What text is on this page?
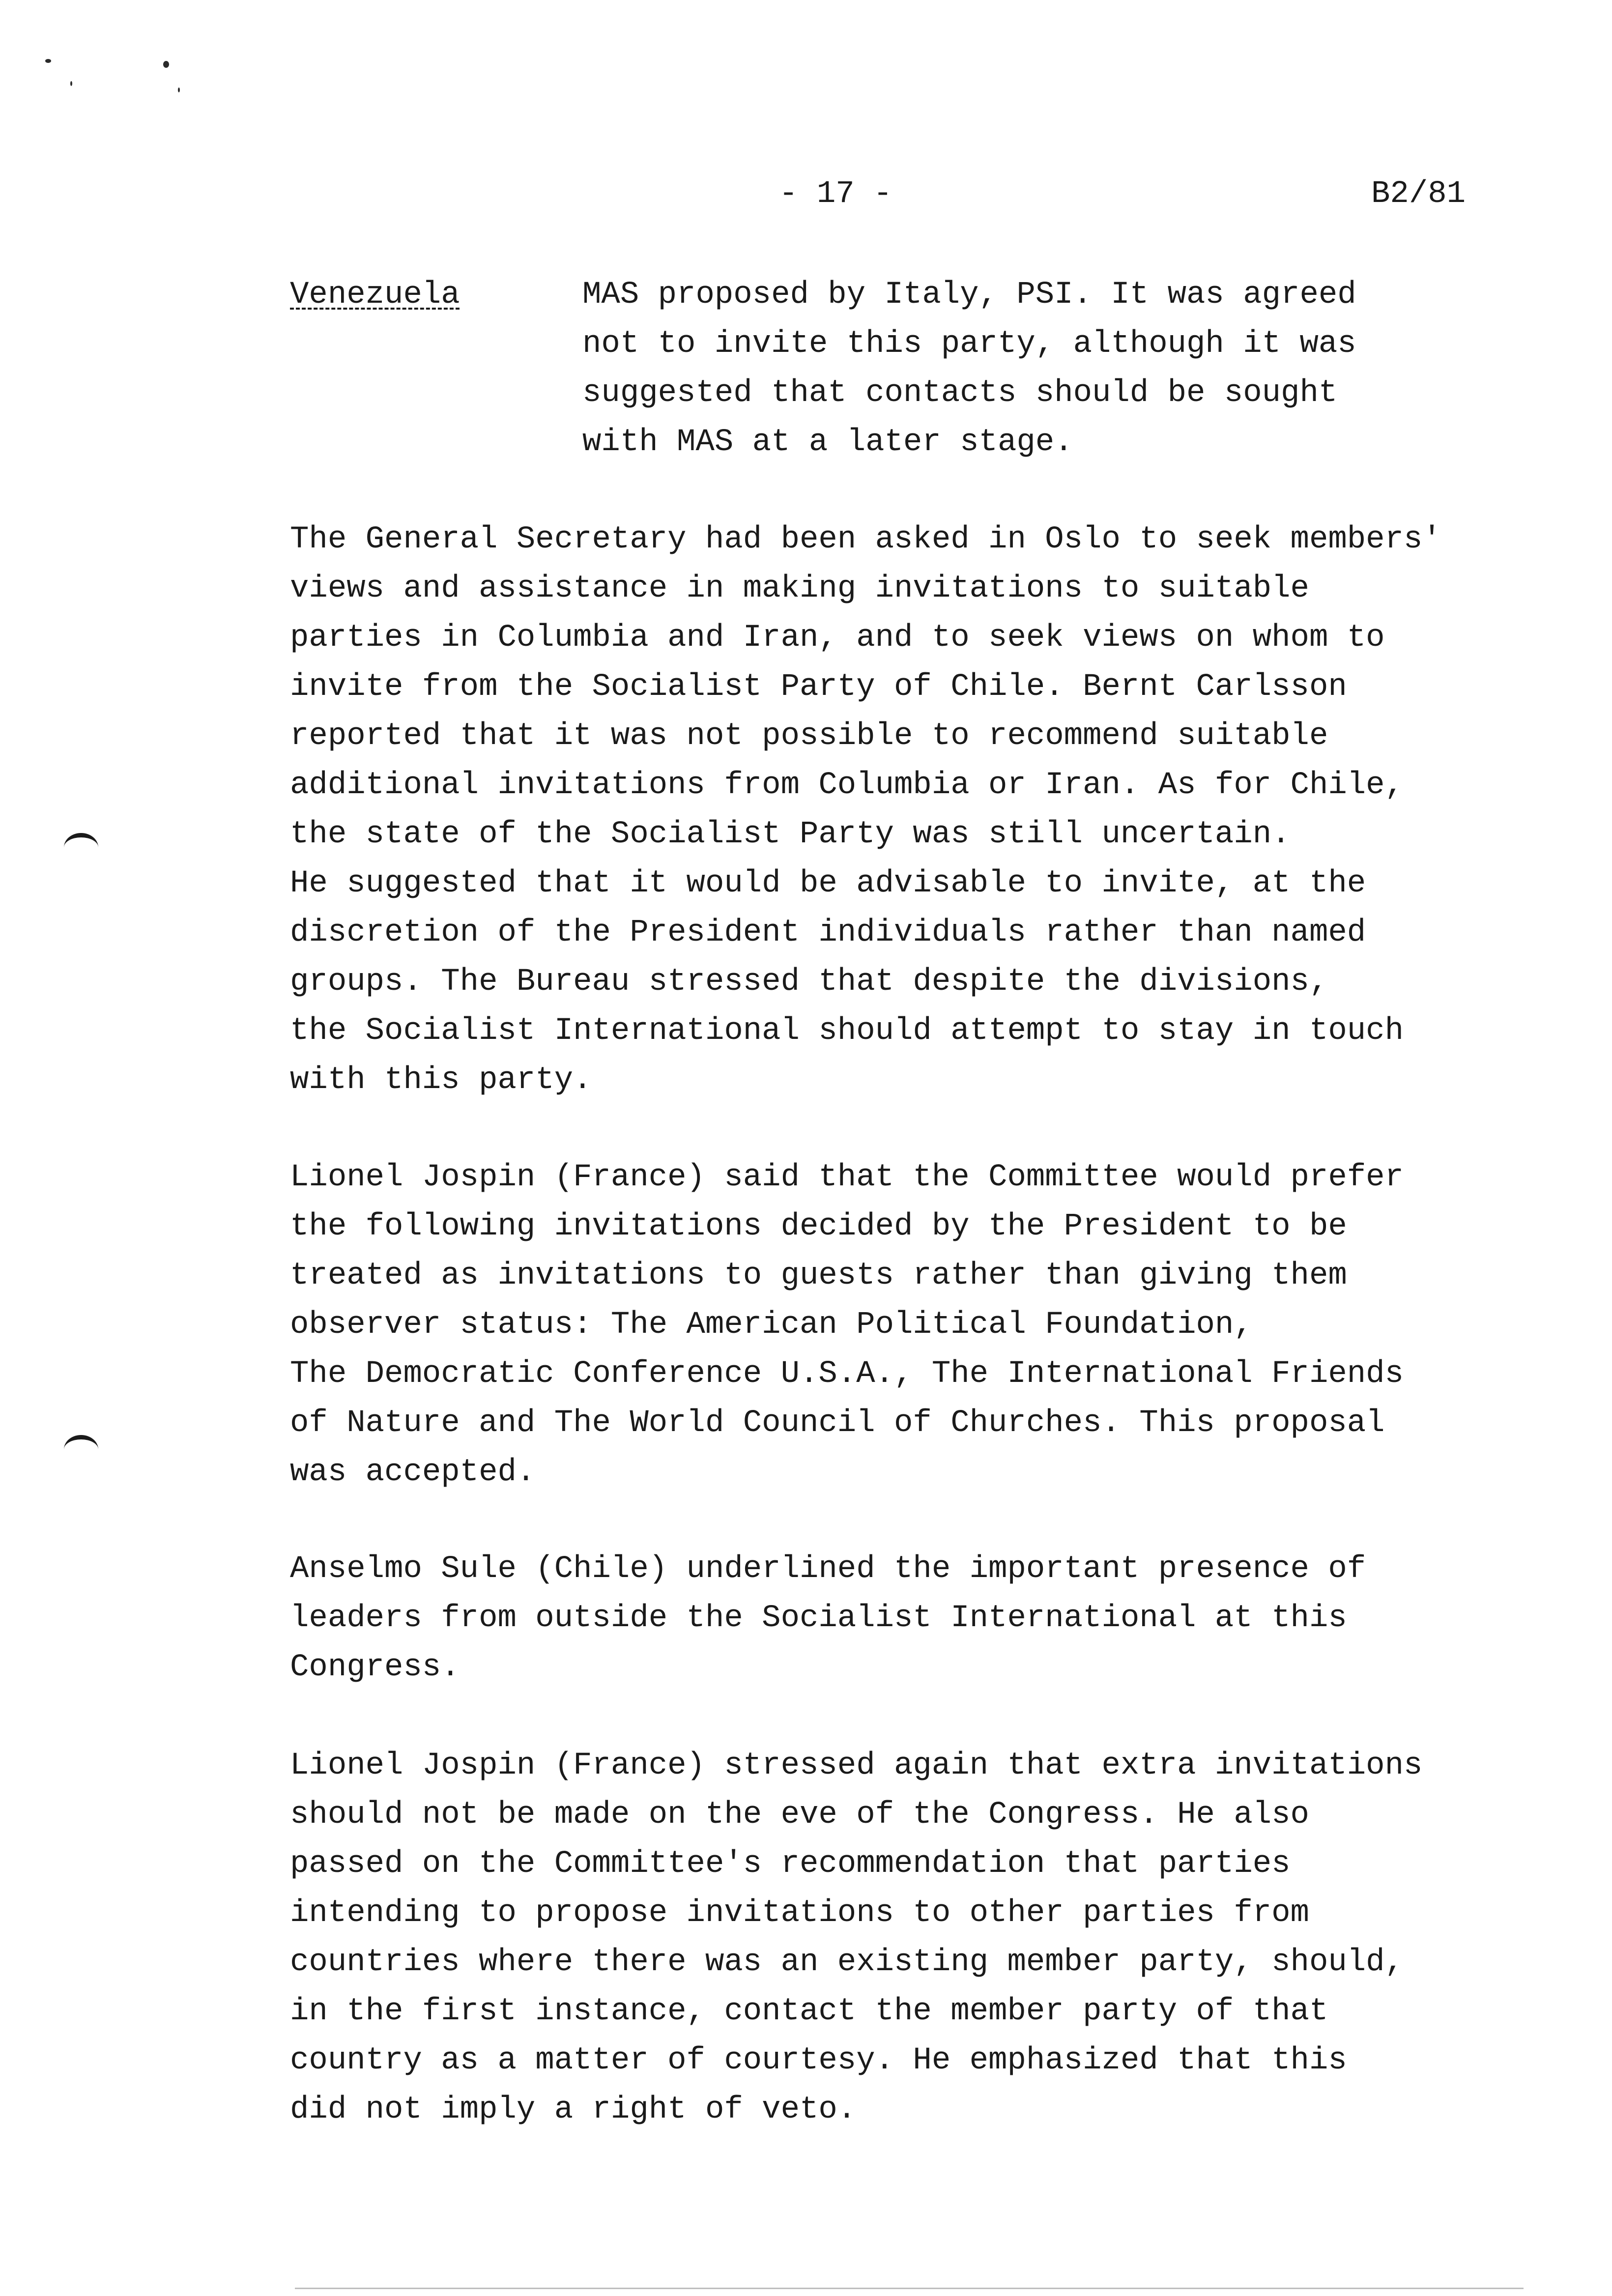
- 17 -	B2/81
Venezuela	MAS proposed by Italy, PSI. It was agreed
not to invite this party, although it was
suggested that contacts should be sought
with MAS at a later stage.
The General Secretary had been asked in Oslo to seek members'
views and assistance in making invitations to suitable
parties in Columbia and Iran, and to seek views on whom to
invite from the Socialist Party of Chile. Bernt Carlsson
reported that it was not possible to recommend suitable
additional invitations from Columbia or Iran. As for Chile,
the state of the Socialist Party was still uncertain.
He suggested that it would be advisable to invite, at the
discretion of the President individuals rather than named
groups. The Bureau stressed that despite the divisions,
the Socialist International should attempt to stay in touch
with this party.
Lionel Jospin (France) said that the Committee would prefer
the following invitations decided by the President to be
treated as invitations to guests rather than giving them
observer status: The American Political Foundation,
The Democratic Conference U.S.A., The International Friends
of Nature and The World Council of Churches. This proposal
was accepted.
Anselmo Sule (Chile) underlined the important presence of
leaders from outside the Socialist International at this
Congress.
Lionel Jospin (France) stressed again that extra invitations
should not be made on the eve of the Congress. He also
passed on the Committee's recommendation that parties
intending to propose invitations to other parties from
countries where there was an existing member party, should,
in the first instance, contact the member party of that
country as a matter of courtesy. He emphasized that this
did not imply a right of veto.
